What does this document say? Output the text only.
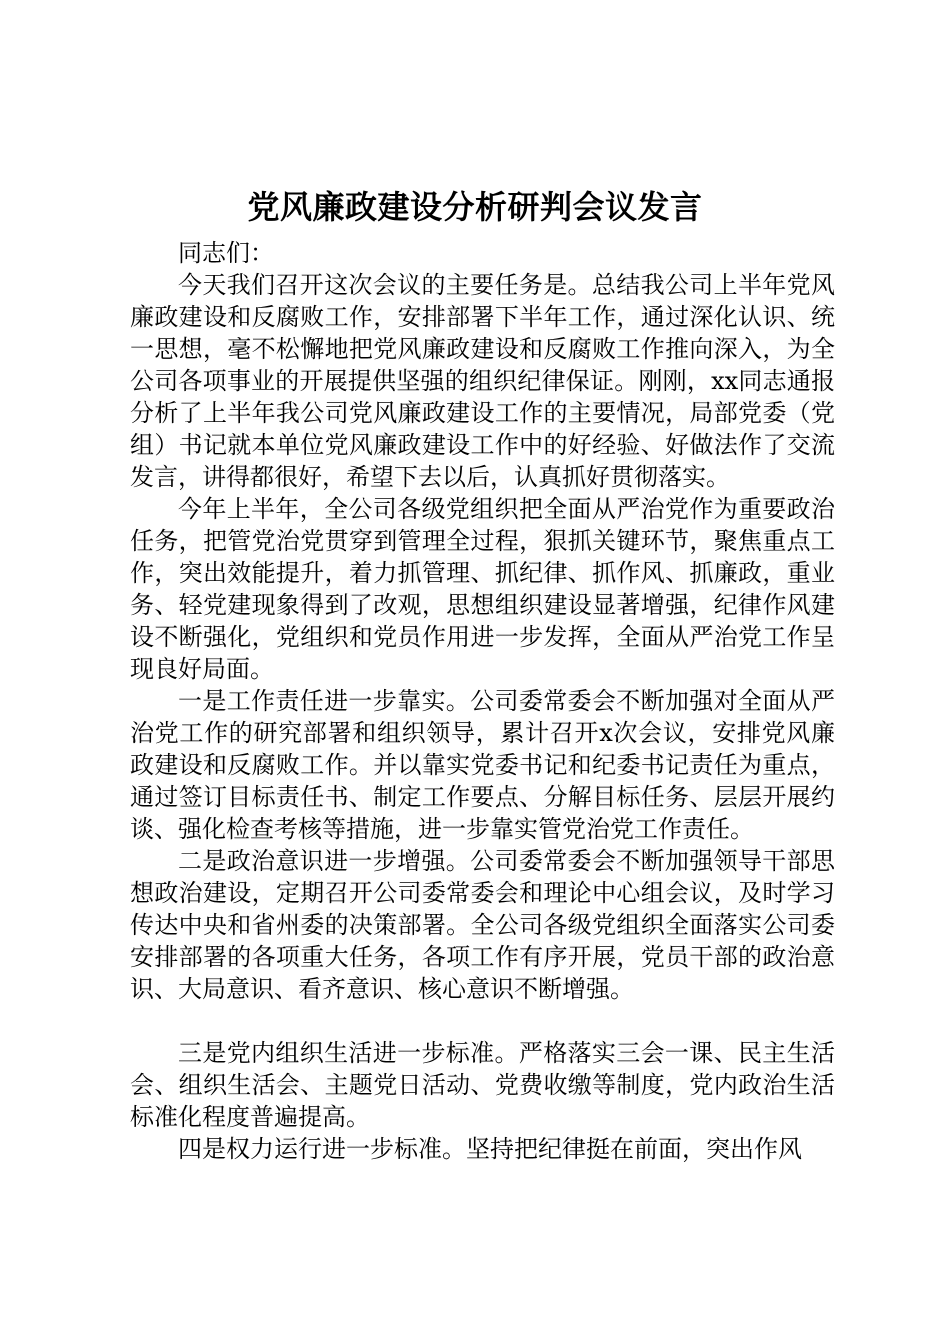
党风廉政建设分析研判会议发言

同志们：

今天我们召开这次会议的主要任务是。总结我公司上半年党风廉政建设和反腐败工作，安排部署下半年工作，通过深化认识、统一思想，毫不松懈地把党风廉政建设和反腐败工作推向深入，为全公司各项事业的开展提供坚强的组织纪律保证。刚刚，xx同志通报分析了上半年我公司党风廉政建设工作的主要情况，局部党委（党组）书记就本单位党风廉政建设工作中的好经验、好做法作了交流发言，讲得都很好，希望下去以后，认真抓好贯彻落实。

今年上半年，全公司各级党组织把全面从严治党作为重要政治任务，把管党治党贯穿到管理全过程，狠抓关键环节，聚焦重点工作，突出效能提升，着力抓管理、抓纪律、抓作风、抓廉政，重业务、轻党建现象得到了改观，思想组织建设显著增强，纪律作风建设不断强化，党组织和党员作用进一步发挥，全面从严治党工作呈现良好局面。

一是工作责任进一步靠实。公司委常委会不断加强对全面从严治党工作的研究部署和组织领导，累计召开x次会议，安排党风廉政建设和反腐败工作。并以靠实党委书记和纪委书记责任为重点，通过签订目标责任书、制定工作要点、分解目标任务、层层开展约谈、强化检查考核等措施，进一步靠实管党治党工作责任。

二是政治意识进一步增强。公司委常委会不断加强领导干部思想政治建设，定期召开公司委常委会和理论中心组会议，及时学习传达中央和省州委的决策部署。全公司各级党组织全面落实公司委安排部署的各项重大任务，各项工作有序开展，党员干部的政治意识、大局意识、看齐意识、核心意识不断增强。

三是党内组织生活进一步标准。严格落实三会一课、民主生活会、组织生活会、主题党日活动、党费收缴等制度，党内政治生活标准化程度普遍提高。

四是权力运行进一步标准。坚持把纪律挺在前面，突出作风
